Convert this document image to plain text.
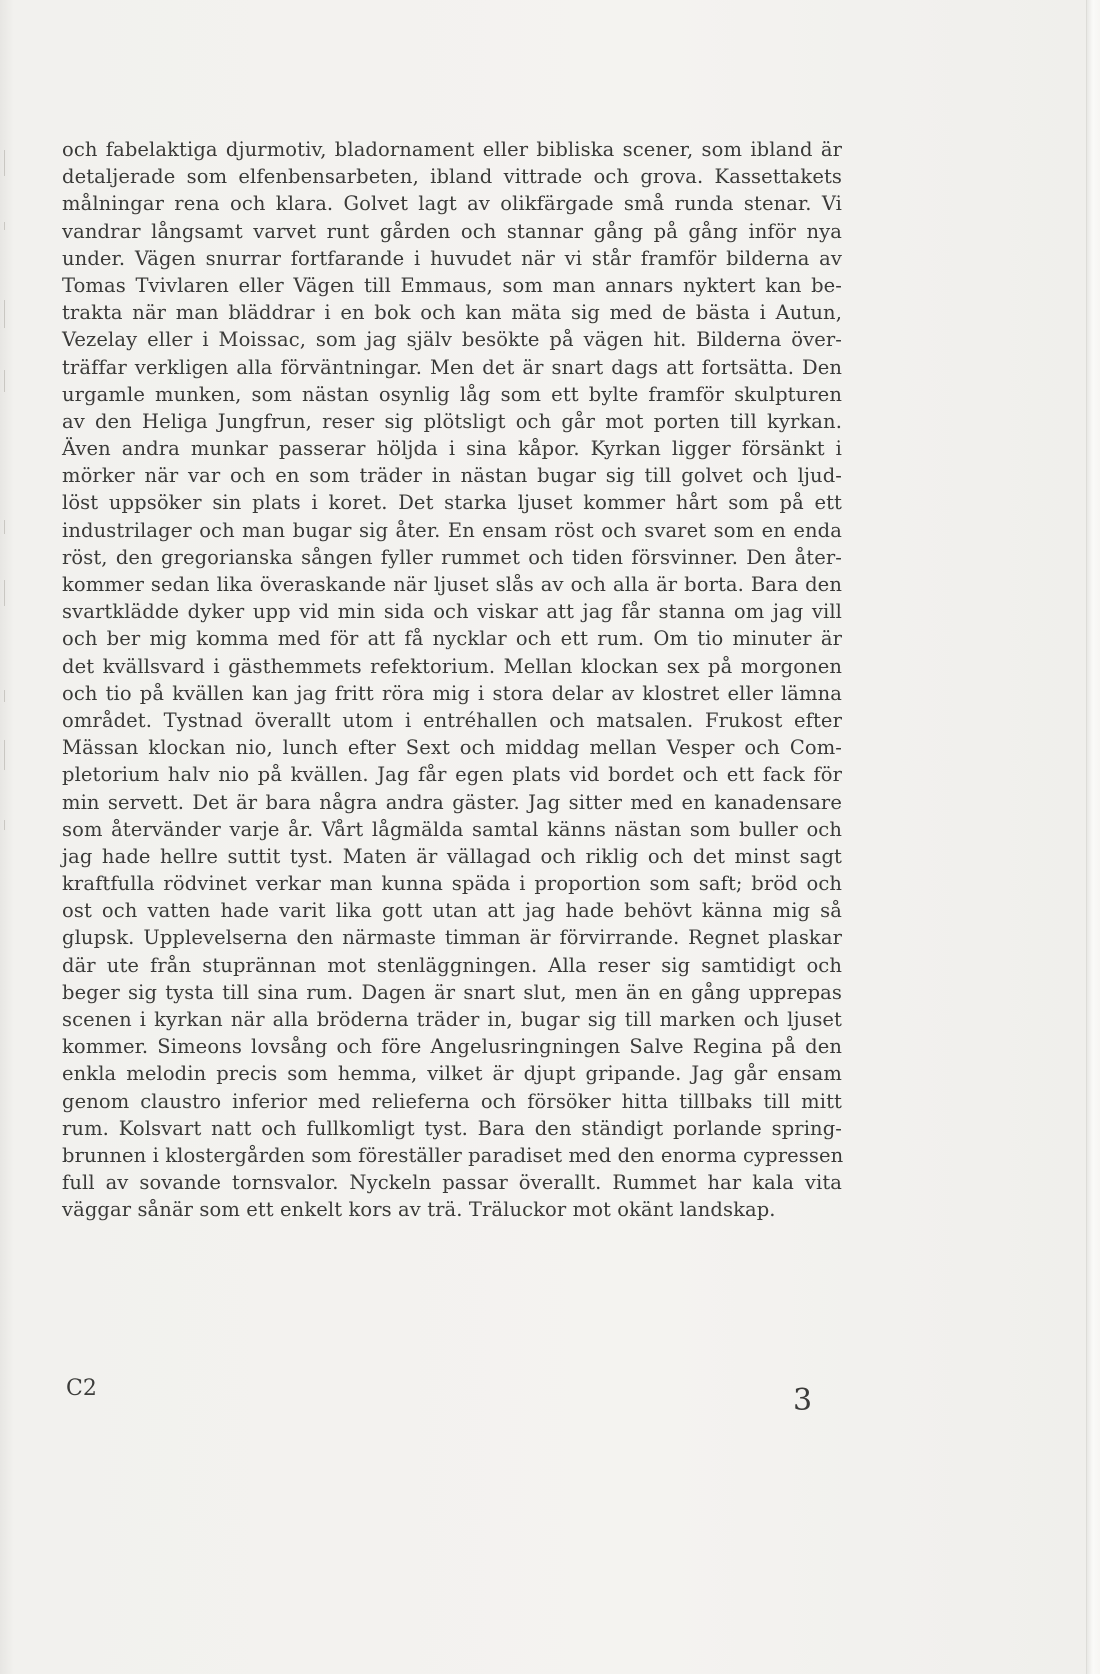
och fabelaktiga djurmotiv, bladornament eller bibliska scener, som ibland är
detaljerade som elfenbensarbeten, ibland vittrade och grova. Kassettakets
målningar rena och klara. Golvet lagt av olikfärgade små runda stenar. Vi
vandrar långsamt varvet runt gården och stannar gång på gång inför nya
under. Vägen snurrar fortfarande i huvudet när vi står framför bilderna av
Tomas Tvivlaren eller Vägen till Emmaus, som man annars nyktert kan be-
trakta när man bläddrar i en bok och kan mäta sig med de bästa i Autun,
Vezelay eller i Moissac, som jag själv besökte på vägen hit. Bilderna över-
träffar verkligen alla förväntningar. Men det är snart dags att fortsätta. Den
urgamle munken, som nästan osynlig låg som ett bylte framför skulpturen
av den Heliga Jungfrun, reser sig plötsligt och går mot porten till kyrkan.
Även andra munkar passerar höljda i sina kåpor. Kyrkan ligger försänkt i
mörker när var och en som träder in nästan bugar sig till golvet och ljud-
löst uppsöker sin plats i koret. Det starka ljuset kommer hårt som på ett
industrilager och man bugar sig åter. En ensam röst och svaret som en enda
röst, den gregorianska sången fyller rummet och tiden försvinner. Den åter-
kommer sedan lika överaskande när ljuset slås av och alla är borta. Bara den
svartklädde dyker upp vid min sida och viskar att jag får stanna om jag vill
och ber mig komma med för att få nycklar och ett rum. Om tio minuter är
det kvällsvard i gästhemmets refektorium. Mellan klockan sex på morgonen
och tio på kvällen kan jag fritt röra mig i stora delar av klostret eller lämna
området. Tystnad överallt utom i entréhallen och matsalen. Frukost efter
Mässan klockan nio, lunch efter Sext och middag mellan Vesper och Com-
pletorium halv nio på kvällen. Jag får egen plats vid bordet och ett fack för
min servett. Det är bara några andra gäster. Jag sitter med en kanadensare
som återvänder varje år. Vårt lågmälda samtal känns nästan som buller och
jag hade hellre suttit tyst. Maten är vällagad och riklig och det minst sagt
kraftfulla rödvinet verkar man kunna späda i proportion som saft; bröd och
ost och vatten hade varit lika gott utan att jag hade behövt känna mig så
glupsk. Upplevelserna den närmaste timman är förvirrande. Regnet plaskar
där ute från stuprännan mot stenläggningen. Alla reser sig samtidigt och
beger sig tysta till sina rum. Dagen är snart slut, men än en gång upprepas
scenen i kyrkan när alla bröderna träder in, bugar sig till marken och ljuset
kommer. Simeons lovsång och före Angelusringningen Salve Regina på den
enkla melodin precis som hemma, vilket är djupt gripande. Jag går ensam
genom claustro inferior med relieferna och försöker hitta tillbaks till mitt
rum. Kolsvart natt och fullkomligt tyst. Bara den ständigt porlande spring-
brunnen i klostergården som föreställer paradiset med den enorma cypressen
full av sovande tornsvalor. Nyckeln passar överallt. Rummet har kala vita
väggar sånär som ett enkelt kors av trä. Träluckor mot okänt landskap.
C2	3
